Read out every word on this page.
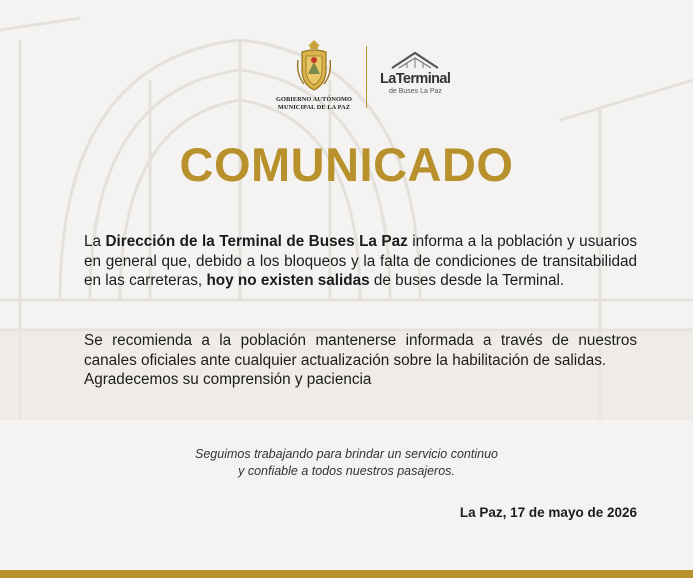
GOBIERNO AUTÓNOMO
MUNICIPAL DE LA PAZ
LaTerminal
de Buses La Paz
COMUNICADO
La Dirección de la Terminal de Buses La Paz informa a la población y usuarios en general que, debido a los bloqueos y la falta de condiciones de transitabilidad en las carreteras, hoy no existen salidas de buses desde la Terminal.
Se recomienda a la población mantenerse informada a través de nuestros canales oficiales ante cualquier actualización sobre la habilitación de salidas.
Agradecemos su comprensión y paciencia
Seguimos trabajando para brindar un servicio continuo
y confiable a todos nuestros pasajeros.
La Paz, 17 de mayo de 2026
